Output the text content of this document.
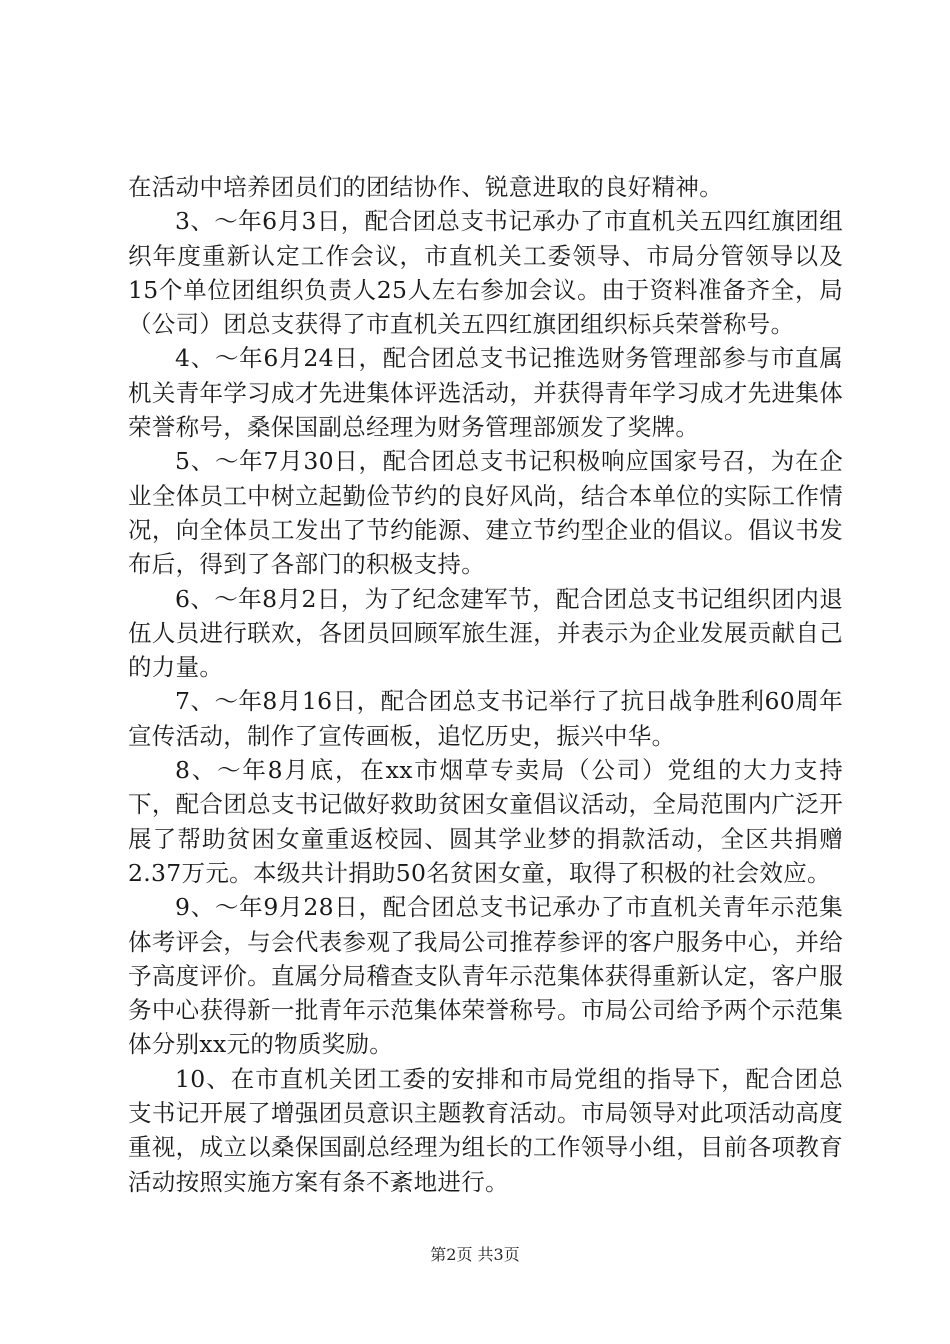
在活动中培养团员们的团结协作、锐意进取的良好精神。

3、～年6月3日，配合团总支书记承办了市直机关五四红旗团组织年度重新认定工作会议，市直机关工委领导、市局分管领导以及15个单位团组织负责人25人左右参加会议。由于资料准备齐全，局（公司）团总支获得了市直机关五四红旗团组织标兵荣誉称号。

4、～年6月24日，配合团总支书记推选财务管理部参与市直属机关青年学习成才先进集体评选活动，并获得青年学习成才先进集体荣誉称号，桑保国副总经理为财务管理部颁发了奖牌。

5、～年7月30日，配合团总支书记积极响应国家号召，为在企业全体员工中树立起勤俭节约的良好风尚，结合本单位的实际工作情况，向全体员工发出了节约能源、建立节约型企业的倡议。倡议书发布后，得到了各部门的积极支持。

6、～年8月2日，为了纪念建军节，配合团总支书记组织团内退伍人员进行联欢，各团员回顾军旅生涯，并表示为企业发展贡献自己的力量。

7、～年8月16日，配合团总支书记举行了抗日战争胜利60周年宣传活动，制作了宣传画板，追忆历史，振兴中华。

8、～年8月底，在xx市烟草专卖局（公司）党组的大力支持下，配合团总支书记做好救助贫困女童倡议活动，全局范围内广泛开展了帮助贫困女童重返校园、圆其学业梦的捐款活动，全区共捐赠2.37万元。本级共计捐助50名贫困女童，取得了积极的社会效应。

9、～年9月28日，配合团总支书记承办了市直机关青年示范集体考评会，与会代表参观了我局公司推荐参评的客户服务中心，并给予高度评价。直属分局稽查支队青年示范集体获得重新认定，客户服务中心获得新一批青年示范集体荣誉称号。市局公司给予两个示范集体分别xx元的物质奖励。

10、在市直机关团工委的安排和市局党组的指导下，配合团总支书记开展了增强团员意识主题教育活动。市局领导对此项活动高度重视，成立以桑保国副总经理为组长的工作领导小组，目前各项教育活动按照实施方案有条不紊地进行。

第2页 共3页
